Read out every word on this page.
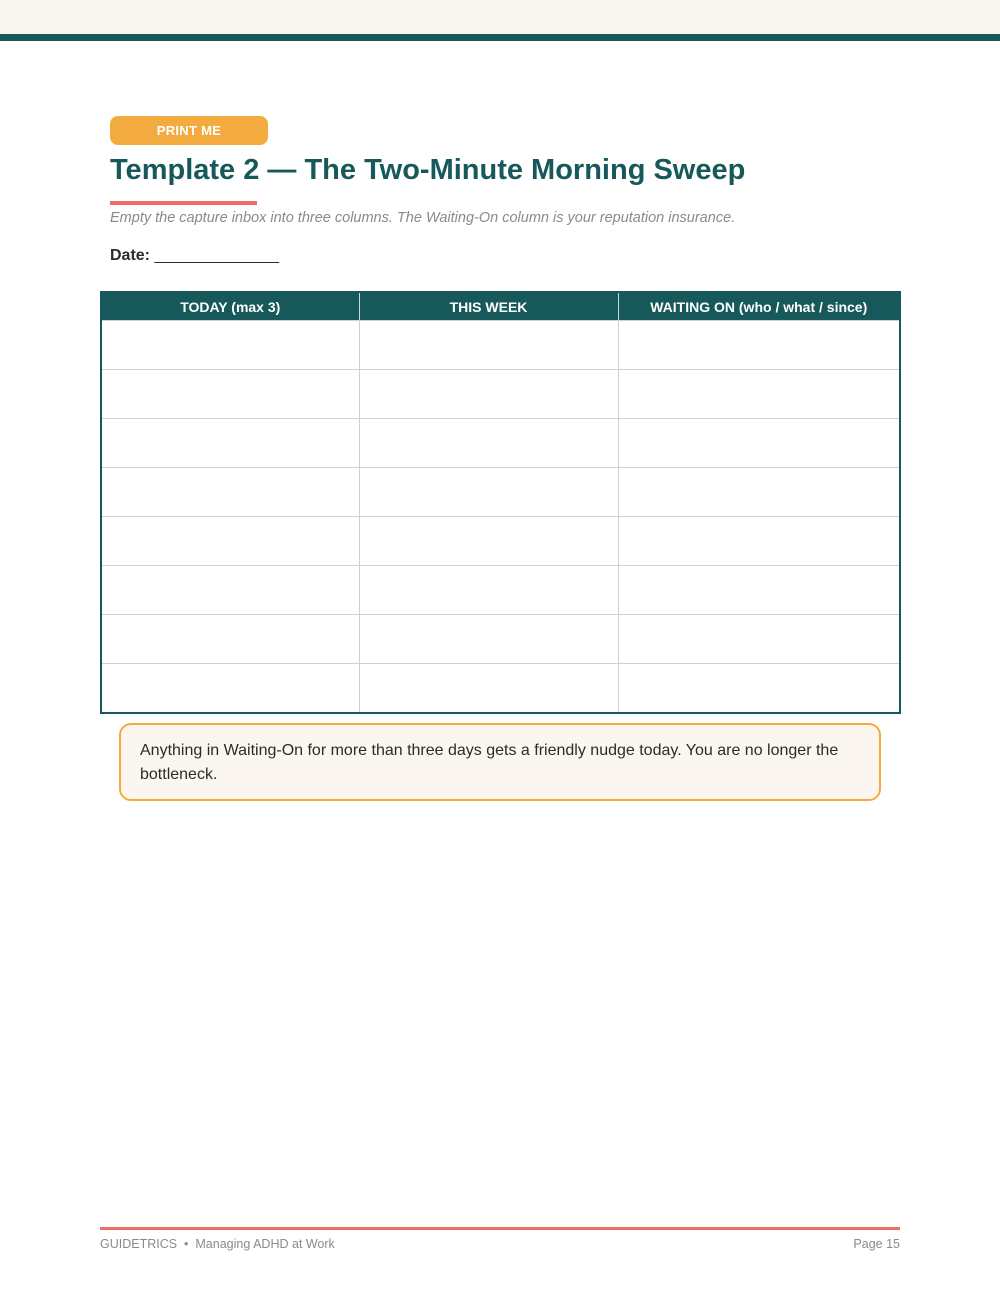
PRINT ME
Template 2 — The Two-Minute Morning Sweep
Empty the capture inbox into three columns. The Waiting-On column is your reputation insurance.
Date: ______________
TODAY (max 3)	THIS WEEK	WAITING ON (who / what / since)

Anything in Waiting-On for more than three days gets a friendly nudge today. You are no longer the bottleneck.
GUIDETRICS • Managing ADHD at Work	Page 15
